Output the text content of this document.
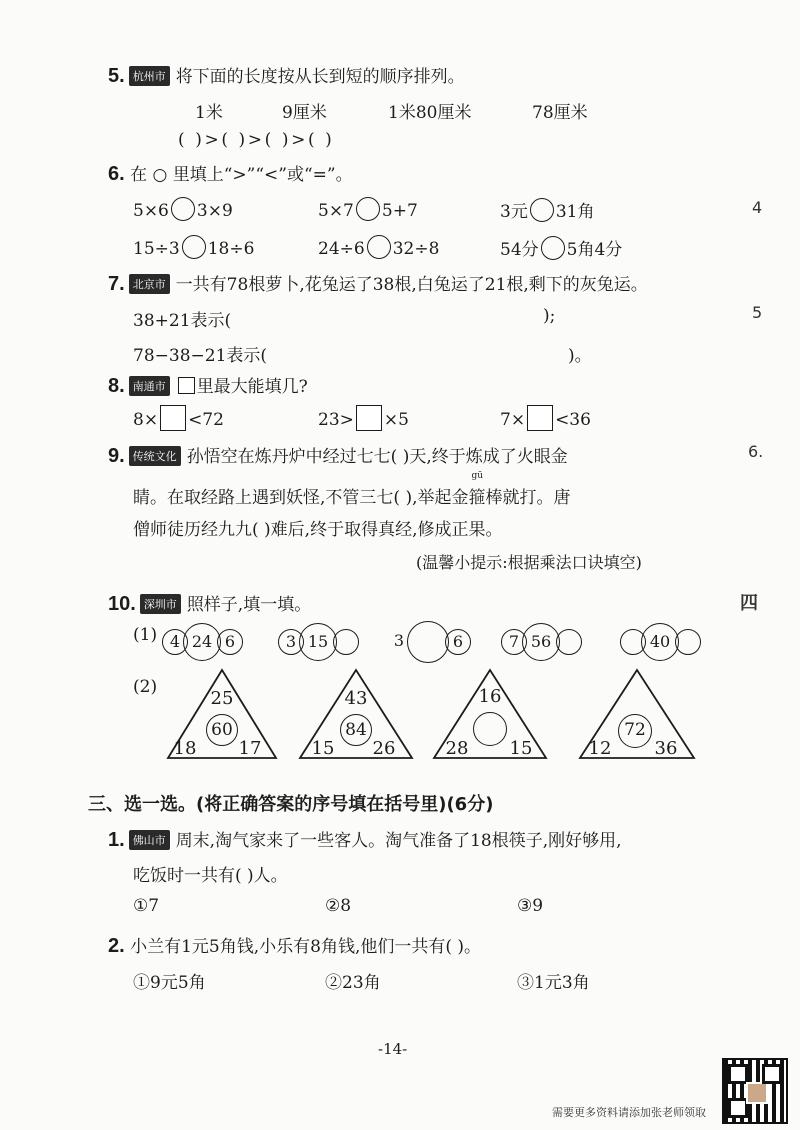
5. 杭州市 将下面的长度按从长到短的顺序排列。
1米	9厘米	1米80厘米	78厘米
( )>( )>( )>( )
6. 在 ○ 里填上“>”“<”或“=”。
5×6 3×9	5×7 5+7	3元 31角
15÷3 18÷6	24÷6 32÷8	54分 5角4分
7. 北京市 一共有78根萝卜,花兔运了38根,白兔运了21根,剩下的灰兔运。
38+21表示(	);
78−38−21表示(	)。
8. 南通市 里最大能填几?
8× <72	23> ×5	7× <36
9. 传统文化 孙悟空在炼丹炉中经过七七( )天,终于炼成了火眼金
睛。在取经路上遇到妖怪,不管三七( ),举起金
gū
箍棒就打。唐
僧师徒历经九九( )难后,终于取得真经,修成正果。
(温馨小提示:根据乘法口诀填空)
10. 深圳市 照样子,填一填。
(1) 4 24 6	3 15	3	6	7 56	40
(2)
25
60
18	17
43
84
15	26
16
28	15
72
12	36
三、选一选。(将正确答案的序号填在括号里)(6分)
1. 佛山市 周末,淘气家来了一些客人。淘气准备了18根筷子,刚好够用,
吃饭时一共有( )人。
①7	②8	③9
2. 小兰有1元5角钱,小乐有8角钱,他们一共有( )。
①9元5角	②23角	③1元3角
4
5
6.
四
-14-
需要更多资料请添加张老师领取
